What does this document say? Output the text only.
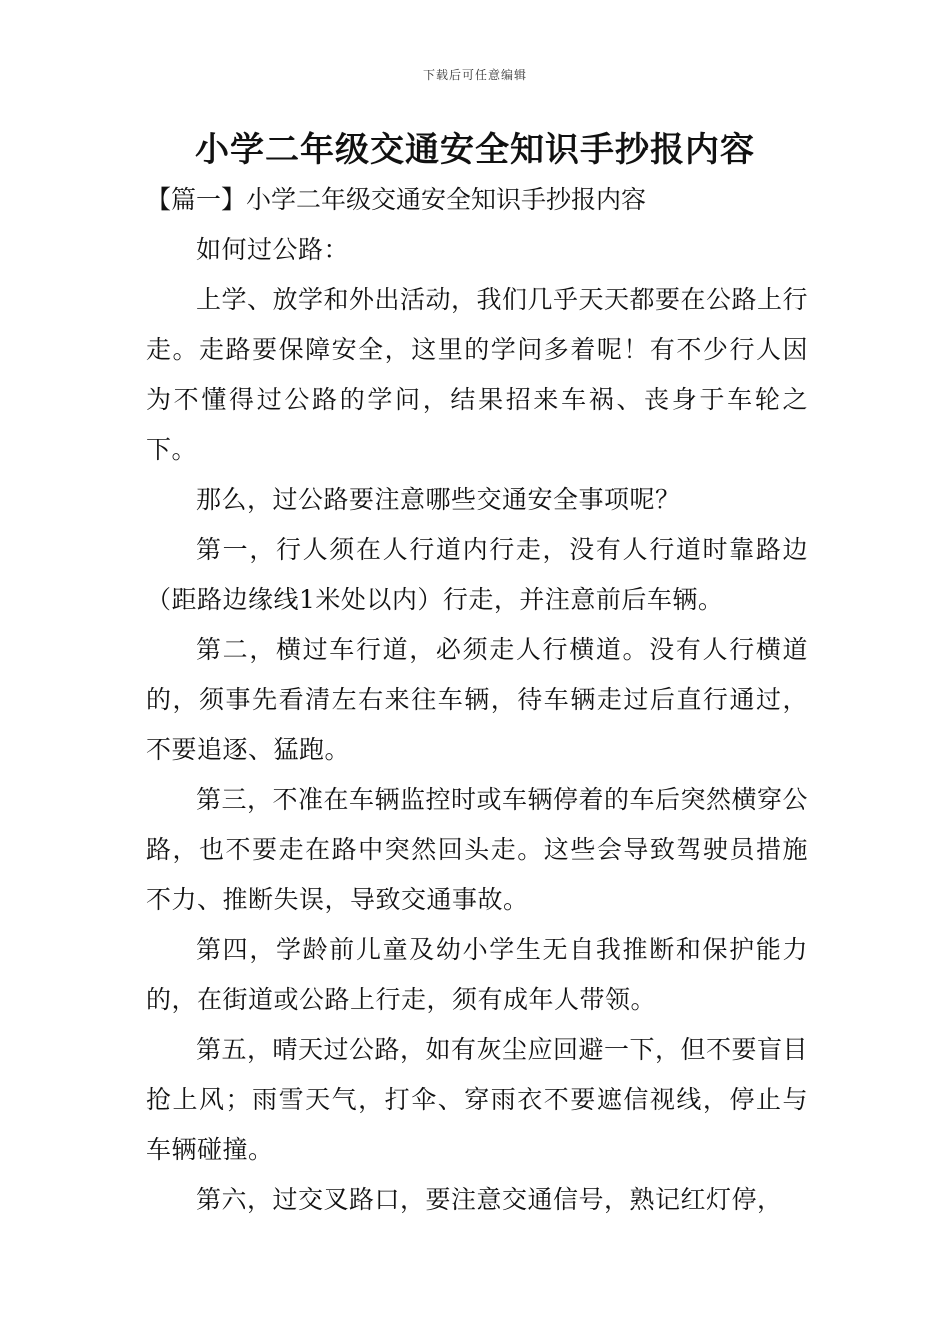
下载后可任意编辑
小学二年级交通安全知识手抄报内容

【篇一】小学二年级交通安全知识手抄报内容

如何过公路：

上学、放学和外出活动，我们几乎天天都要在公路上行走。走路要保障安全，这里的学问多着呢！有不少行人因为不懂得过公路的学问，结果招来车祸、丧身于车轮之下。

那么，过公路要注意哪些交通安全事项呢？

第一，行人须在人行道内行走，没有人行道时靠路边（距路边缘线1米处以内）行走，并注意前后车辆。

第二，横过车行道，必须走人行横道。没有人行横道的，须事先看清左右来往车辆，待车辆走过后直行通过，不要追逐、猛跑。

第三，不准在车辆监控时或车辆停着的车后突然横穿公路，也不要走在路中突然回头走。这些会导致驾驶员措施不力、推断失误，导致交通事故。

第四，学龄前儿童及幼小学生无自我推断和保护能力的，在街道或公路上行走，须有成年人带领。

第五，晴天过公路，如有灰尘应回避一下，但不要盲目抢上风；雨雪天气，打伞、穿雨衣不要遮信视线，停止与车辆碰撞。

第六，过交叉路口，要注意交通信号，熟记红灯停，
